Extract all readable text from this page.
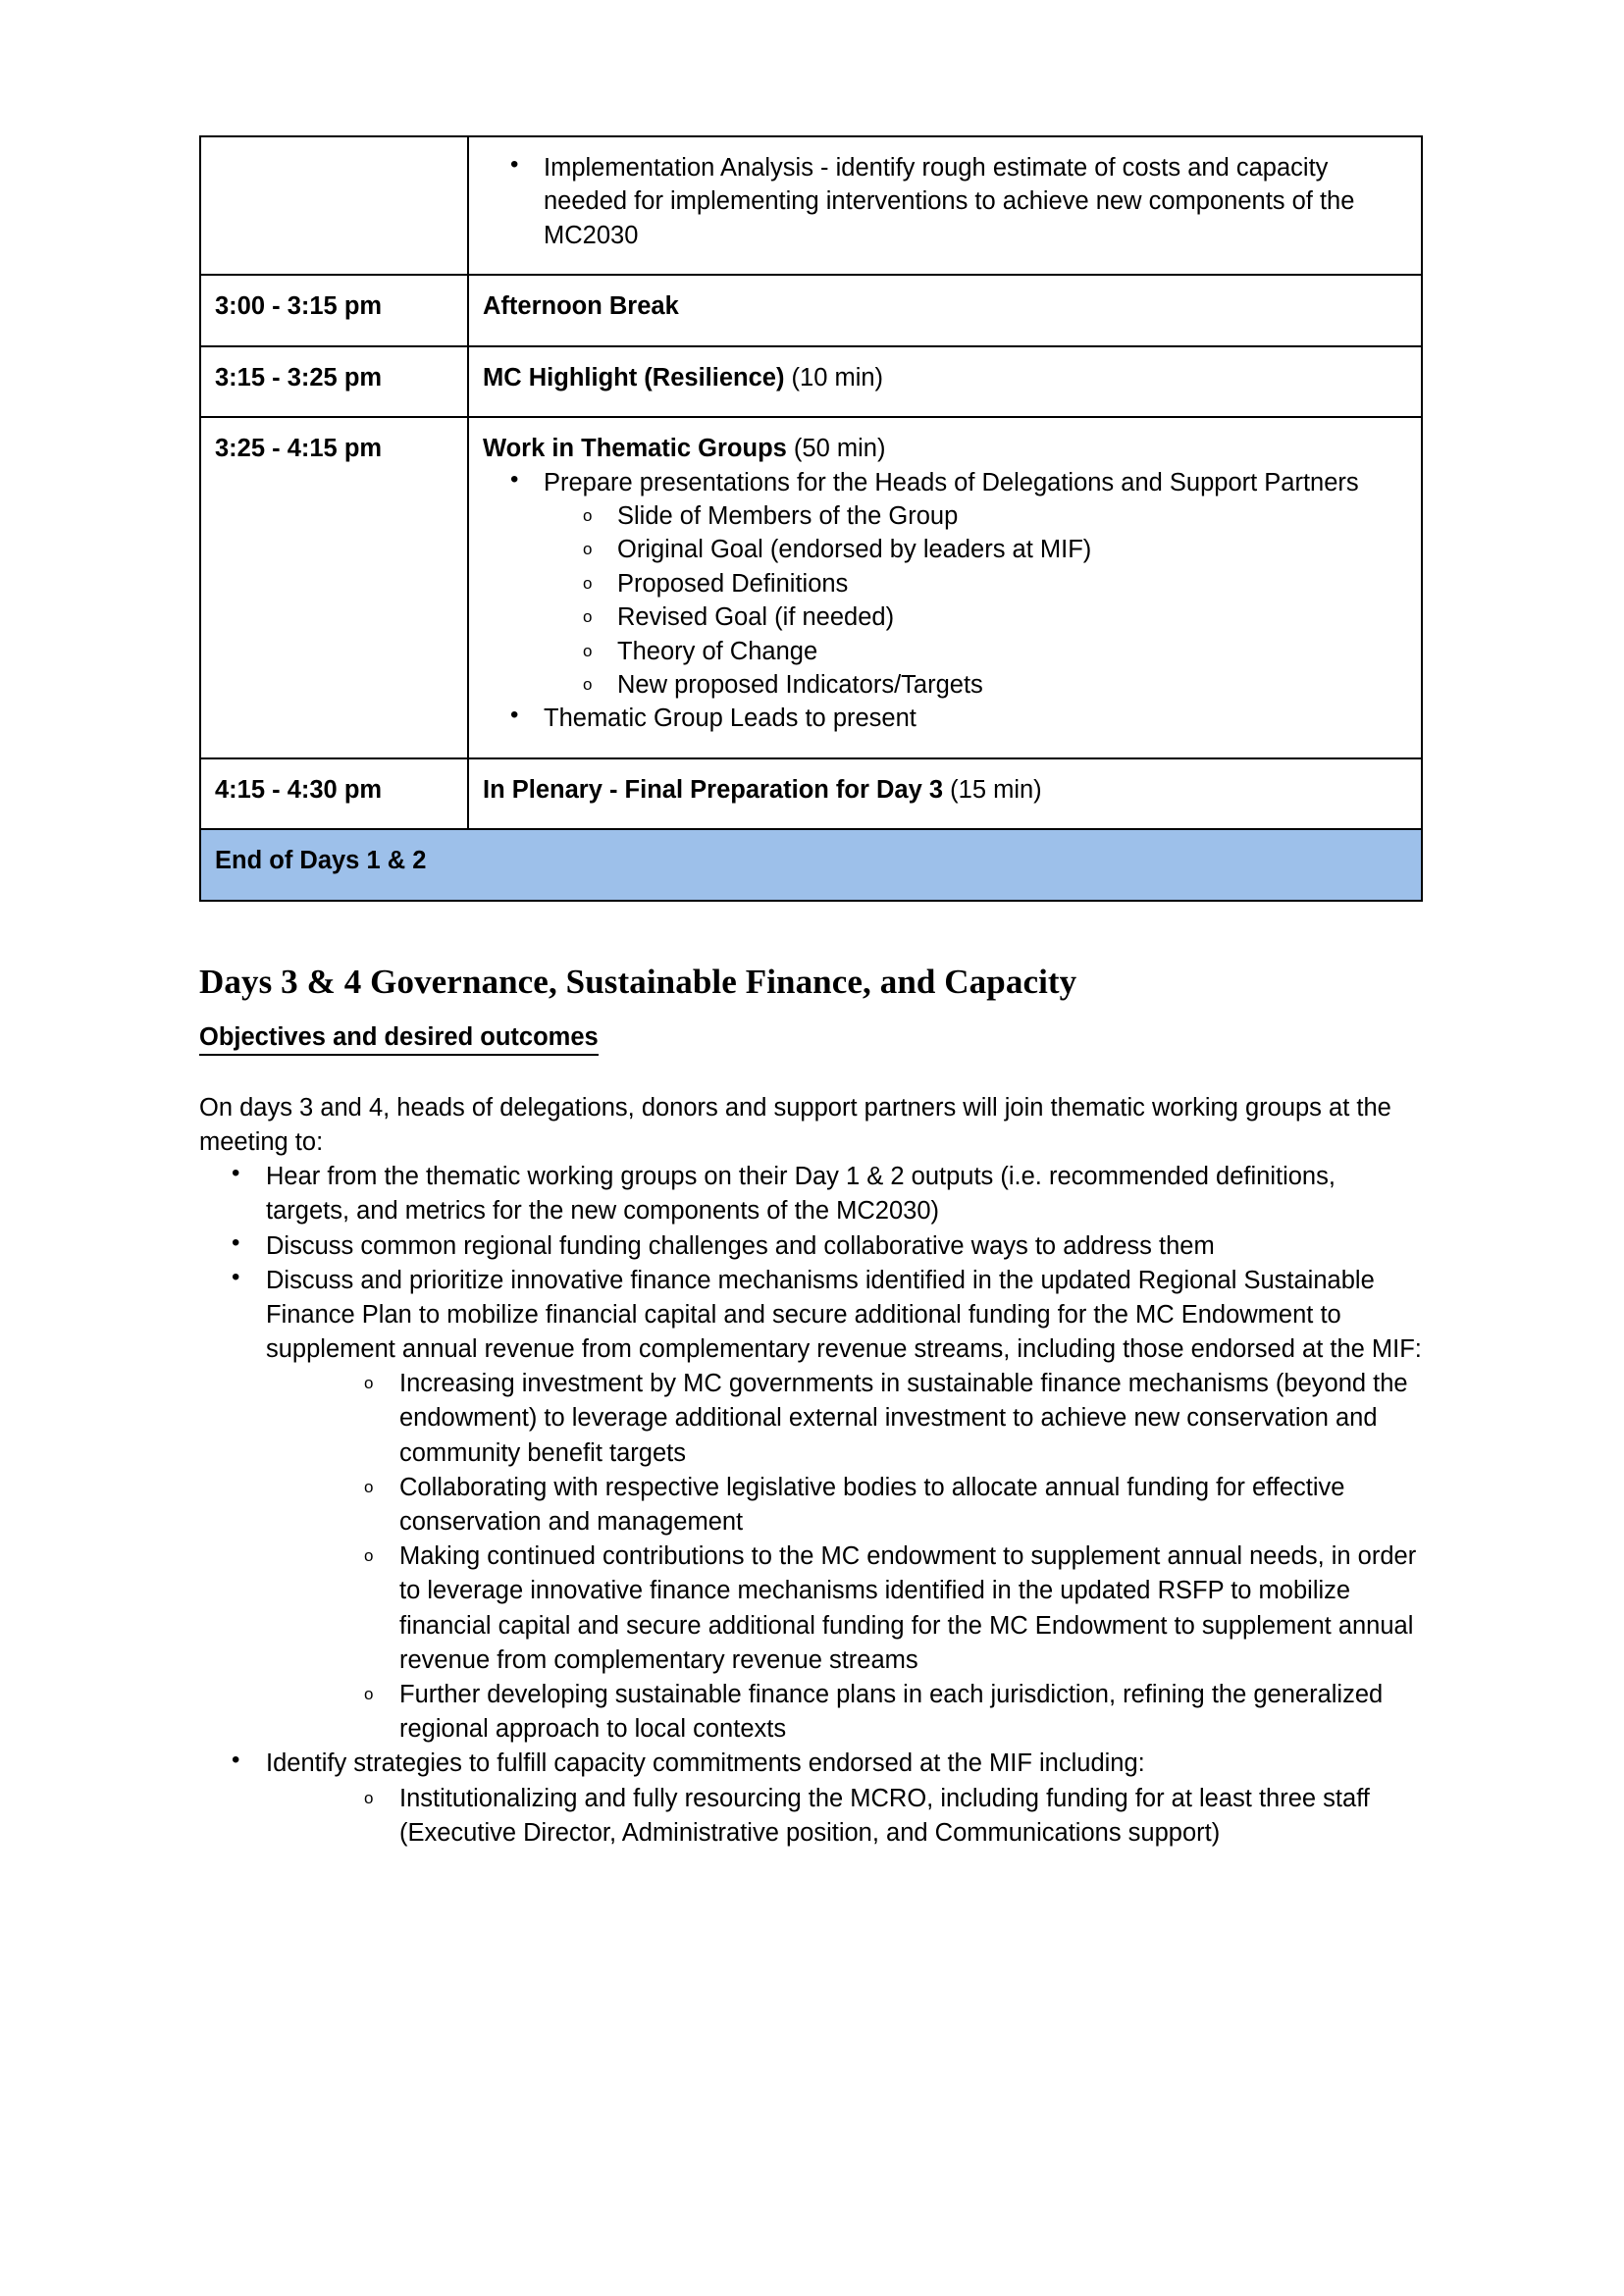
• Implementation Analysis - identify rough estimate of costs and capacity needed for implementing interventions to achieve new components of the MC2030

3:00 - 3:15 pm	Afternoon Break
3:15 - 3:25 pm	MC Highlight (Resilience) (10 min)
3:25 - 4:15 pm	Work in Thematic Groups (50 min)
• Prepare presentations for the Heads of Delegations and Support Partners
o Slide of Members of the Group
o Original Goal (endorsed by leaders at MIF)
o Proposed Definitions
o Revised Goal (if needed)
o Theory of Change
o New proposed Indicators/Targets
• Thematic Group Leads to present

4:15 - 4:30 pm	In Plenary - Final Preparation for Day 3 (15 min)
End of Days 1 & 2	
Days 3 & 4 Governance, Sustainable Finance, and Capacity
Objectives and desired outcomes

On days 3 and 4, heads of delegations, donors and support partners will join thematic working groups at the meeting to:

• Hear from the thematic working groups on their Day 1 & 2 outputs (i.e. recommended definitions, targets, and metrics for the new components of the MC2030)
• Discuss common regional funding challenges and collaborative ways to address them
• Discuss and prioritize innovative finance mechanisms identified in the updated Regional Sustainable Finance Plan to mobilize financial capital and secure additional funding for the MC Endowment to supplement annual revenue from complementary revenue streams, including those endorsed at the MIF:
o Increasing investment by MC governments in sustainable finance mechanisms (beyond the endowment) to leverage additional external investment to achieve new conservation and community benefit targets
o Collaborating with respective legislative bodies to allocate annual funding for effective conservation and management
o Making continued contributions to the MC endowment to supplement annual needs, in order to leverage innovative finance mechanisms identified in the updated RSFP to mobilize financial capital and secure additional funding for the MC Endowment to supplement annual revenue from complementary revenue streams
o Further developing sustainable finance plans in each jurisdiction, refining the generalized regional approach to local contexts
• Identify strategies to fulfill capacity commitments endorsed at the MIF including:
o Institutionalizing and fully resourcing the MCRO, including funding for at least three staff (Executive Director, Administrative position, and Communications support)
